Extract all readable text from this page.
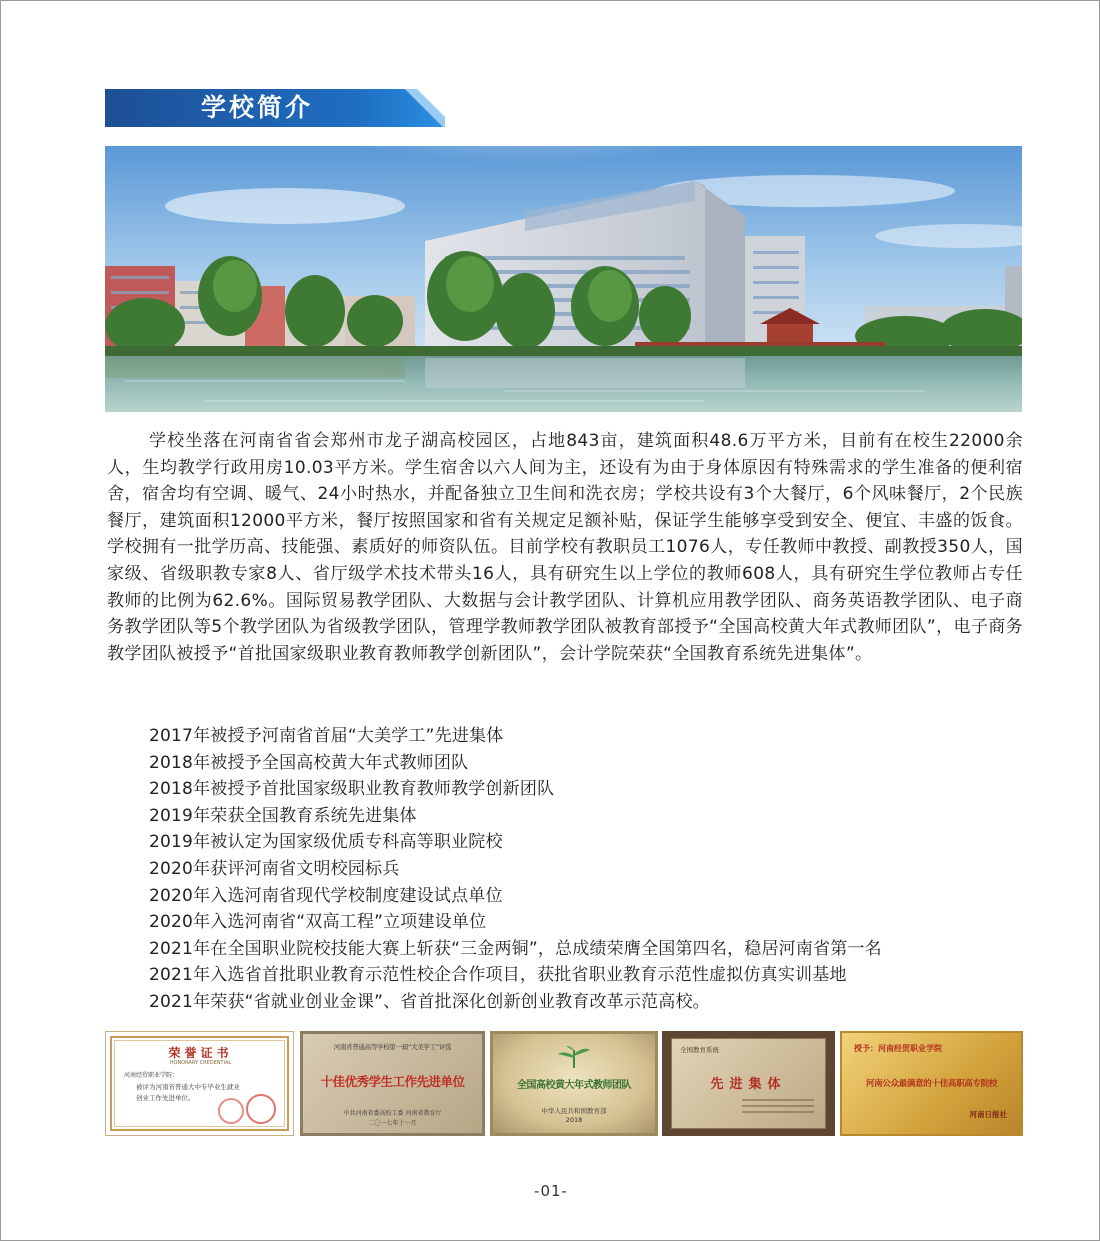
学校简介

学校坐落在河南省省会郑州市龙子湖高校园区，占地843亩，建筑面积48.6万平方米，目前有在校生22000余人，生均教学行政用房10.03平方米。学生宿舍以六人间为主，还设有为由于身体原因有特殊需求的学生准备的便利宿舍，宿舍均有空调、暖气、24小时热水，并配备独立卫生间和洗衣房；学校共设有3个大餐厅，6个风味餐厅，2个民族餐厅，建筑面积12000平方米，餐厅按照国家和省有关规定足额补贴，保证学生能够享受到安全、便宜、丰盛的饭食。学校拥有一批学历高、技能强、素质好的师资队伍。目前学校有教职员工1076人，专任教师中教授、副教授350人，国家级、省级职教专家8人、省厅级学术技术带头16人，具有研究生以上学位的教师608人，具有研究生学位教师占专任教师的比例为62.6%。国际贸易教学团队、大数据与会计教学团队、计算机应用教学团队、商务英语教学团队、电子商务教学团队等5个教学团队为省级教学团队，管理学教师教学团队被教育部授予“全国高校黄大年式教师团队”，电子商务教学团队被授予“首批国家级职业教育教师教学创新团队”，会计学院荣获“全国教育系统先进集体”。

2017年被授予河南省首届“大美学工”先进集体
2018年被授予全国高校黄大年式教师团队
2018年被授予首批国家级职业教育教师教学创新团队
2019年荣获全国教育系统先进集体
2019年被认定为国家级优质专科高等职业院校
2020年获评河南省文明校园标兵
2020年入选河南省现代学校制度建设试点单位
2020年入选河南省“双高工程”立项建设单位
2021年在全国职业院校技能大赛上斩获“三金两铜”，总成绩荣膺全国第四名，稳居河南省第一名
2021年入选省首批职业教育示范性校企合作项目，获批省职业教育示范性虚拟仿真实训基地
2021年荣获“省就业创业金课”、省首批深化创新创业教育改革示范高校。
荣誉证书
HONORARY CREDENTIAL
河南经贸职业学院：
被评为河南省普通大中专毕业生就业
创业工作先进单位。
河南省普通高等学校第一届“大美学工”评选
十佳优秀学生工作先进单位
中共河南省委高校工委 河南省教育厅
二〇一七年十一月
全国高校黄大年式教师团队
中华人民共和国教育部
2018
全国教育系统
先进集体
授予：河南经贸职业学院
河南公众最满意的十佳高职高专院校
河南日报社
-01-
